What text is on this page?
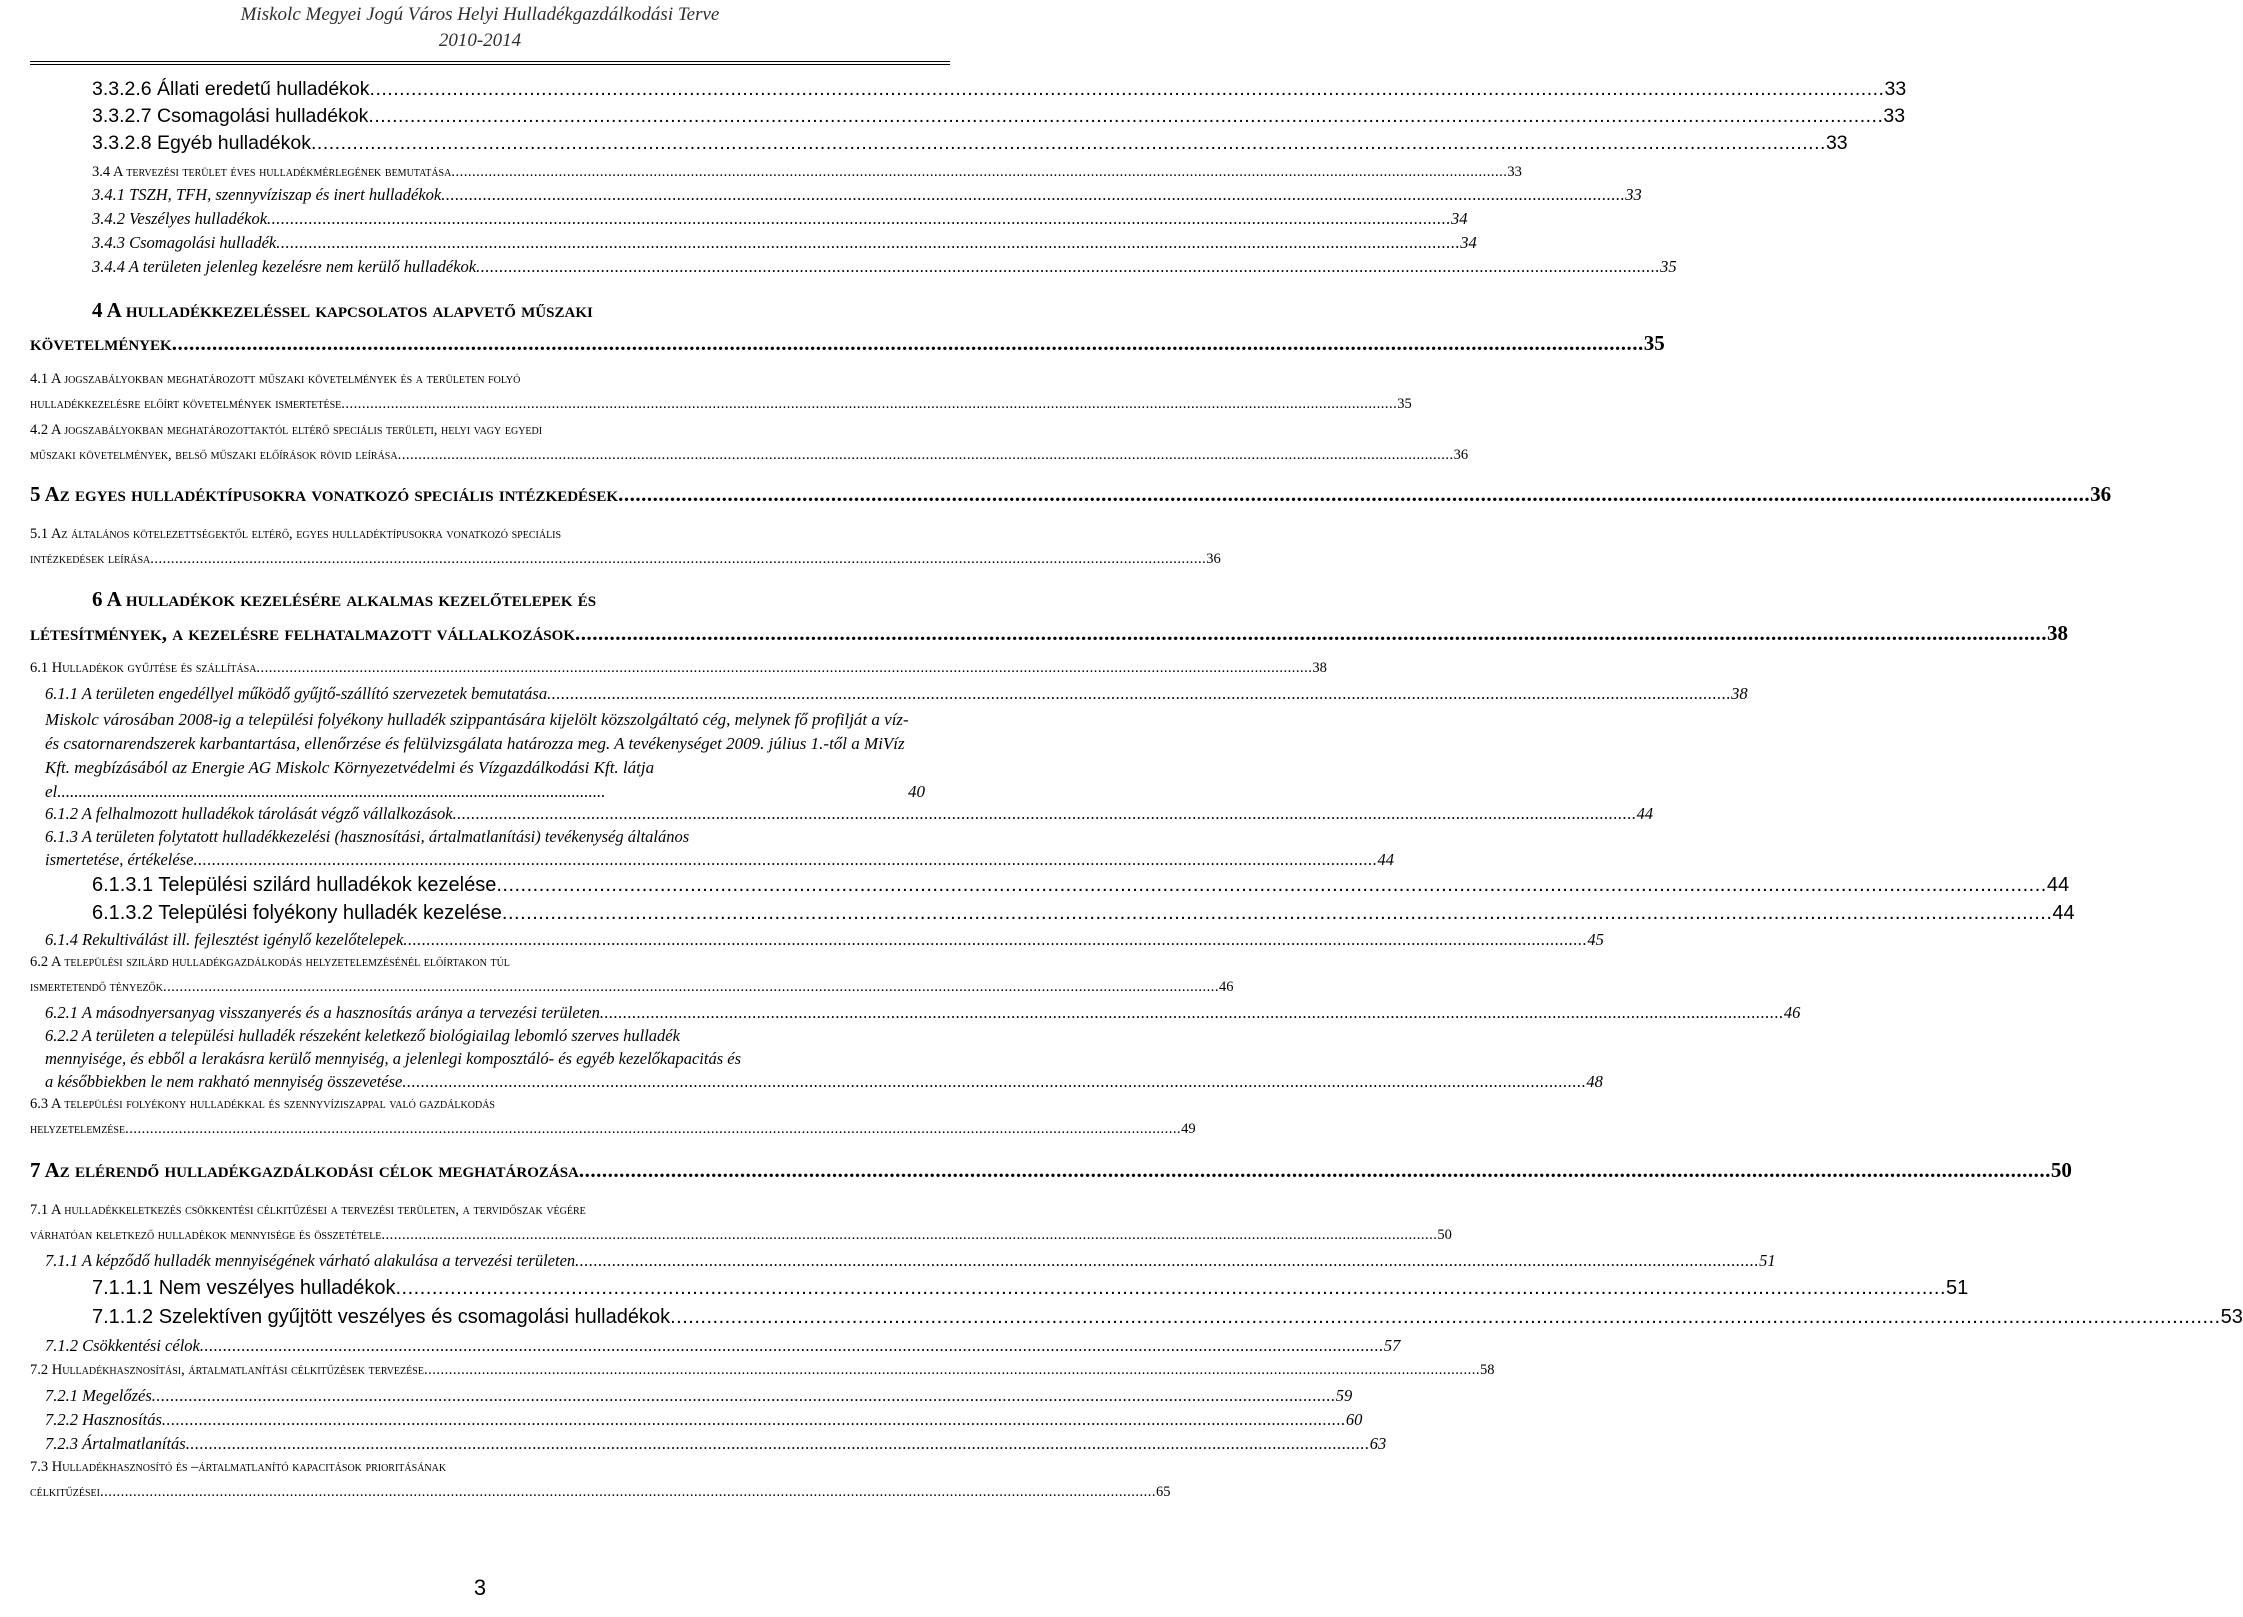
Miskolc Megyei Jogú Város Helyi Hulladékgazdálkodási Terve
2010-2014
3.3.2.6 Állati eredetű hulladékok .....	33
3.3.2.7 Csomagolási hulladékok .....	33
3.3.2.8 Egyéb hulladékok .....	33
3.4 A tervezési terület éves hulladékmérlegének bemutatása .....	33
3.4.1 TSZH, TFH, szennyvíziszap és inert hulladékok .....	33
3.4.2 Veszélyes hulladékok .....	34
3.4.3 Csomagolási hulladék .....	34
3.4.4 A területen jelenleg kezelésre nem kerülő hulladékok .....	35
4 A hulladékkezeléssel kapcsolatos alapvető műszaki
követelmények .....	35
4.1 A jogszabályokban meghatározott műszaki követelmények és a területen folyó
hulladékkezelésre előírt követelmények ismertetése .....	35
4.2 A jogszabályokban meghatározottaktól eltérő speciális területi, helyi vagy egyedi
műszaki követelmények, belső műszaki előírások rövid leírása .....	36
5 Az egyes hulladéktípusokra vonatkozó speciális intézkedések .....	36
5.1 Az általános kötelezettségektől eltérő, egyes hulladéktípusokra vonatkozó speciális
intézkedések leírása .....	36
6 A hulladékok kezelésére alkalmas kezelőtelepek és
létesítmények, a kezelésre felhatalmazott vállalkozások .....	38
6.1 Hulladékok gyűjtése és szállítása .....	38
6.1.1 A területen engedéllyel működő gyűjtő-szállító szervezetek bemutatása .....	38
Miskolc városában 2008-ig a települési folyékony hulladék szippantására kijelölt közszolgáltató cég, melynek fő profilját a víz- és csatornarendszerek karbantartása, ellenőrzése és felülvizsgálata határozza meg. A tevékenységet 2009. július 1.-től a MiVíz Kft. megbízásából az Energie AG Miskolc Környezetvédelmi és Vízgazdálkodási Kft. látja el.................................................................................................................................	40
6.1.2 A felhalmozott hulladékok tárolását végző vállalkozások .....	44
6.1.3 A területen folytatott hulladékkezelési (hasznosítási, ártalmatlanítási) tevékenység általános
ismertetése, értékelése .....	44
6.1.3.1 Települési szilárd hulladékok kezelése .....	44
6.1.3.2 Települési folyékony hulladék kezelése .....	44
6.1.4 Rekultiválást ill. fejlesztést igénylő kezelőtelepek .....	45
6.2 A települési szilárd hulladékgazdálkodás helyzetelemzésénél előírtakon túl
ismertetendő tényezők .....	46
6.2.1 A másodnyersanyag visszanyerés és a hasznosítás aránya a tervezési területen .....	46
6.2.2 A területen a települési hulladék részeként keletkező biológiailag lebomló szerves hulladék
mennyisége, és ebből a lerakásra kerülő mennyiség, a jelenlegi komposztáló- és egyéb kezelőkapacitás és
a későbbiekben le nem rakható mennyiség összevetése .....	48
6.3 A települési folyékony hulladékkal és szennyvíziszappal való gazdálkodás
helyzetelemzése .....	49
7 Az elérendő hulladékgazdálkodási célok meghatározása .....	50
7.1 A hulladékkeletkezés csökkentési célkitűzései a tervezési területen, a tervidőszak végére
várhatóan keletkező hulladékok mennyisége és összetétele .....	50
7.1.1 A képződő hulladék mennyiségének várható alakulása a tervezési területen .....	51
7.1.1.1 Nem veszélyes hulladékok .....	51
7.1.1.2 Szelektíven gyűjtött veszélyes és csomagolási hulladékok .....	53
7.1.2 Csökkentési célok .....	57
7.2 Hulladékhasznosítási, ártalmatlanítási célkitűzések tervezése .....	58
7.2.1 Megelőzés .....	59
7.2.2 Hasznosítás .....	60
7.2.3 Ártalmatlanítás .....	63
7.3 Hulladékhasznosító és –ártalmatlanító kapacitások prioritásának
célkitűzései .....	65
3
